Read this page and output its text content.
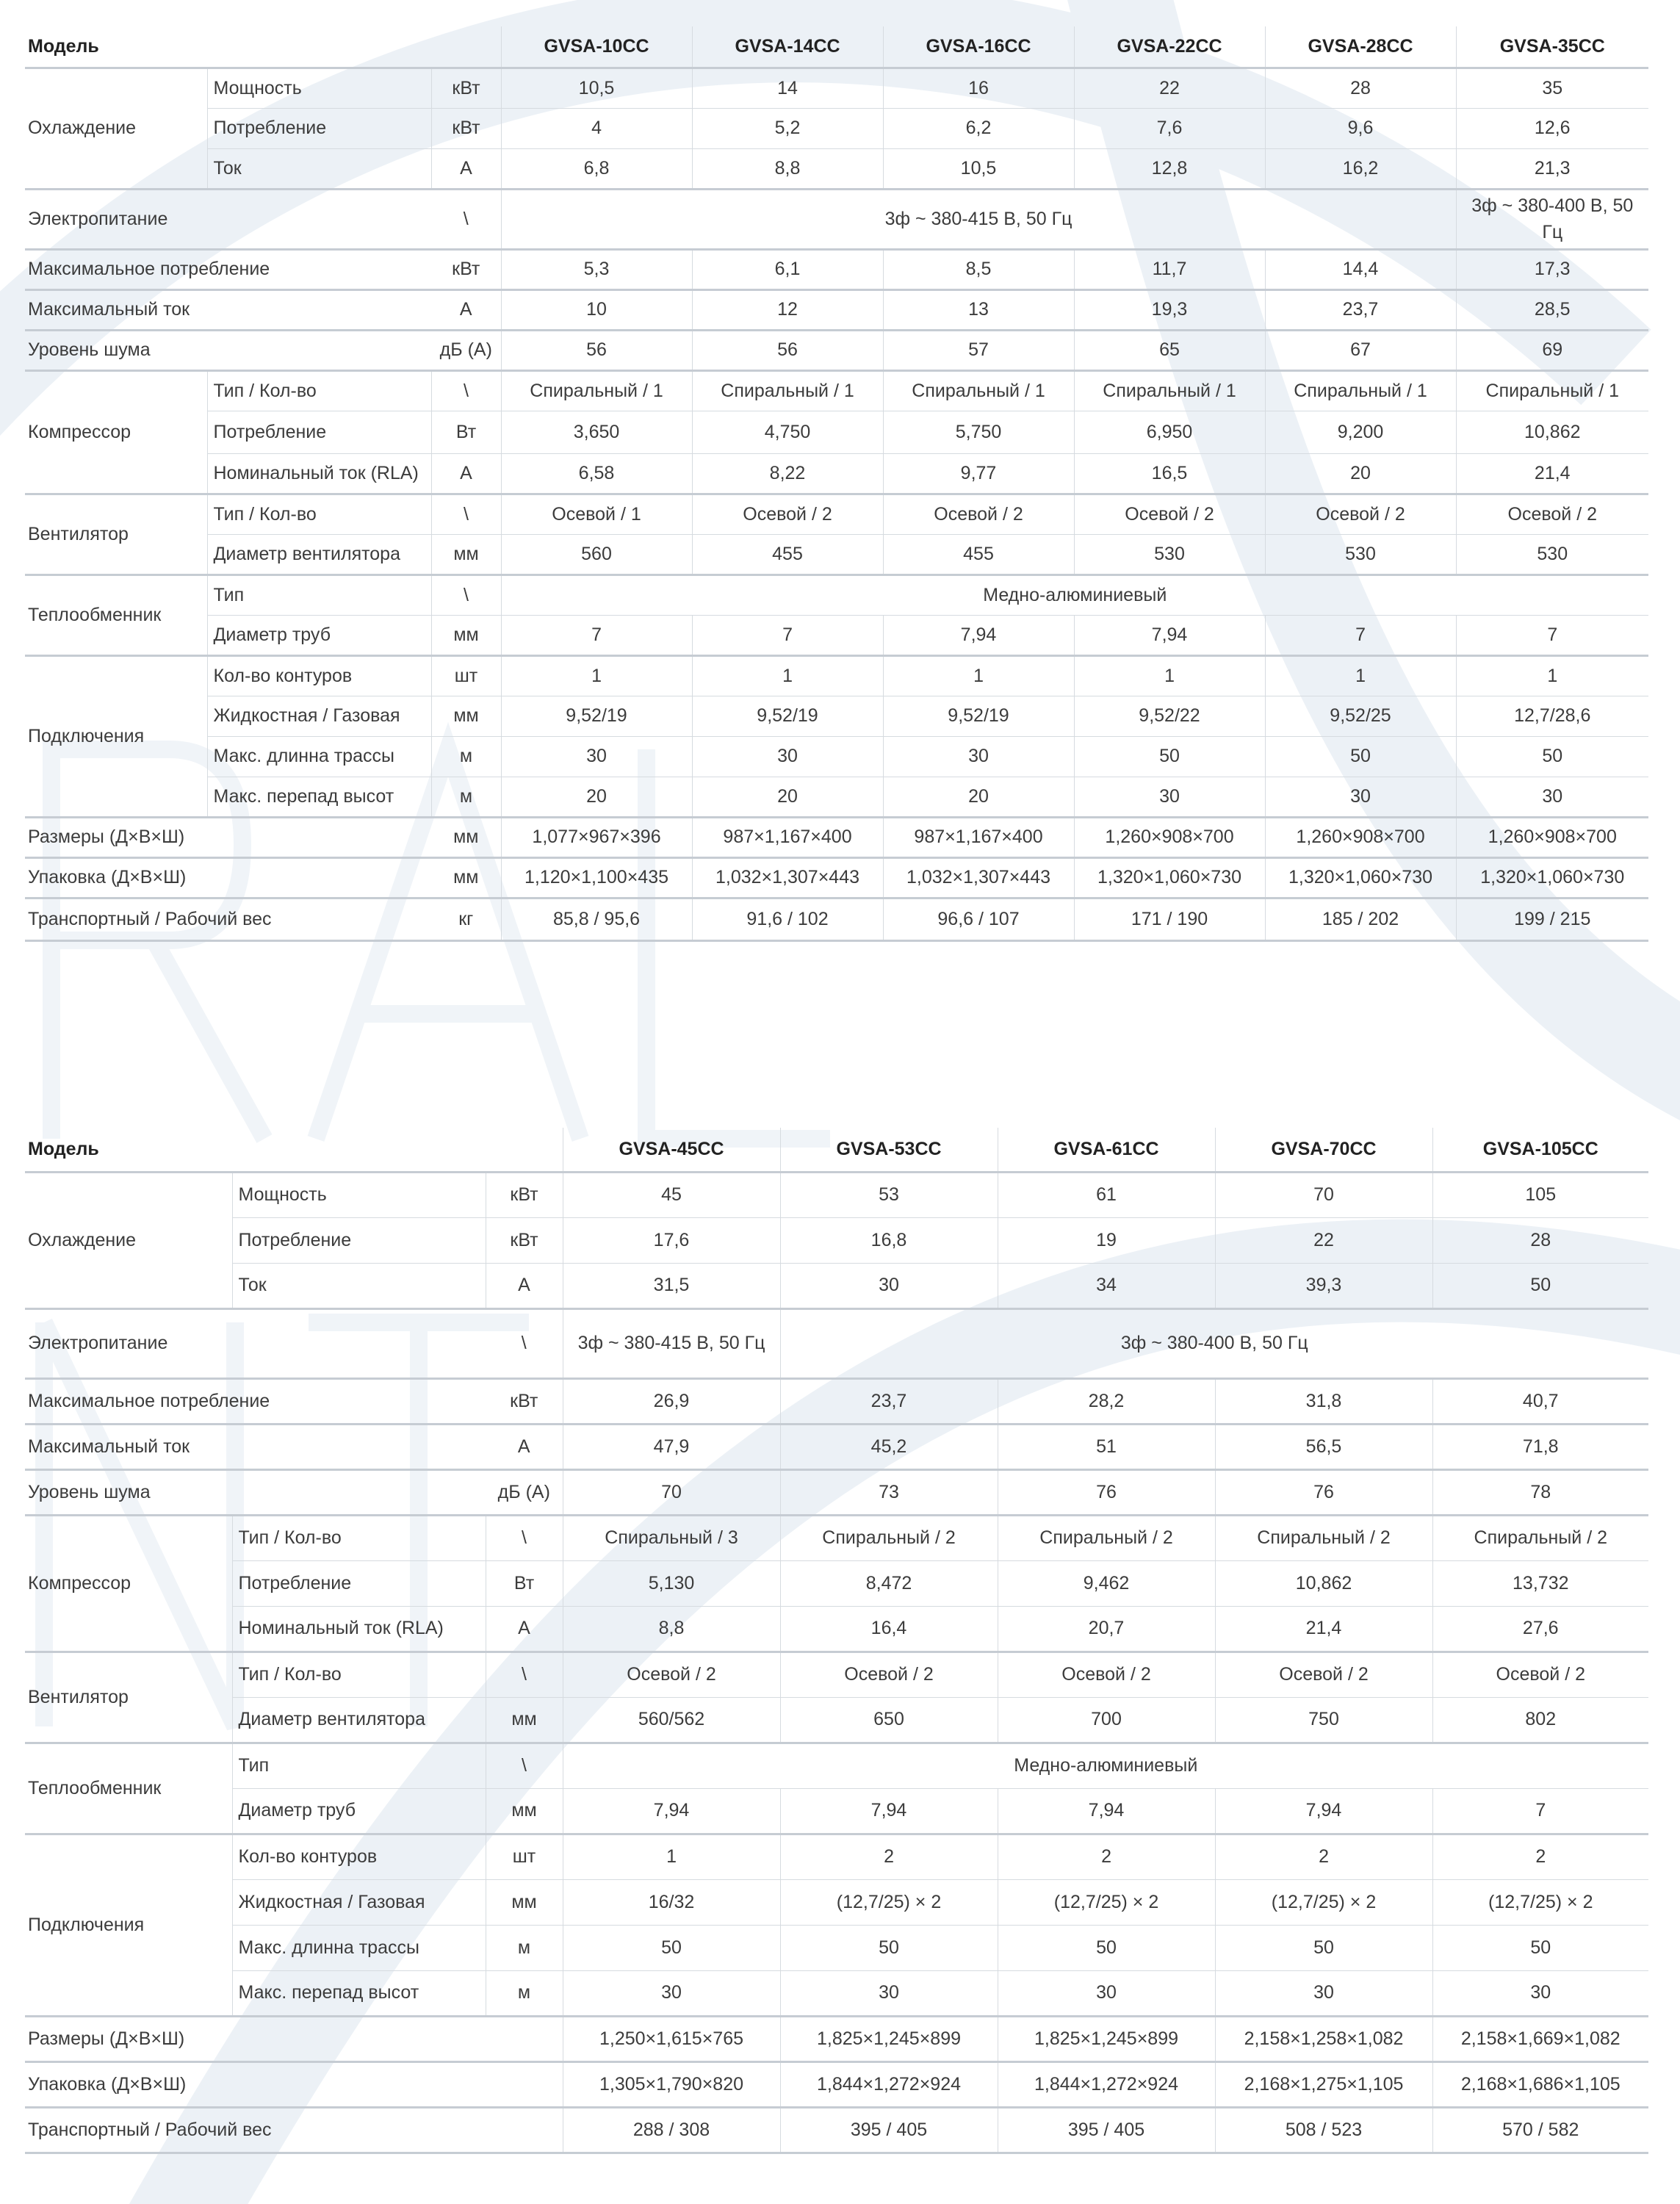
Модель			GVSA-10CC	GVSA-14CC	GVSA-16CC	GVSA-22CC	GVSA-28CC	GVSA-35CC
Охлаждение	Мощность	кВт	10,5	14	16	22	28	35
	Потребление	кВт	4	5,2	6,2	7,6	9,6	12,6
	Ток	А	6,8	8,8	10,5	12,8	16,2	21,3
Электропитание		\	3ф ~ 380-415 В, 50 Гц					3ф ~ 380-400 В, 50 Гц
Максимальное потребление		кВт	5,3	6,1	8,5	11,7	14,4	17,3
Максимальный ток		А	10	12	13	19,3	23,7	28,5
Уровень шума		дБ (А)	56	56	57	65	67	69
Компрессор	Тип / Кол-во	\	Спиральный / 1	Спиральный / 1	Спиральный / 1	Спиральный / 1	Спиральный / 1	Спиральный / 1
	Потребление	Вт	3,650	4,750	5,750	6,950	9,200	10,862
	Номинальный ток (RLA)	А	6,58	8,22	9,77	16,5	20	21,4
Вентилятор	Тип / Кол-во	\	Осевой / 1	Осевой / 2	Осевой / 2	Осевой / 2	Осевой / 2	Осевой / 2
	Диаметр вентилятора	мм	560	455	455	530	530	530
Теплообменник	Тип	\	Медно-алюминиевый					
	Диаметр труб	мм	7	7	7,94	7,94	7	7
Подключения	Кол-во контуров	шт	1	1	1	1	1	1
	Жидкостная / Газовая	мм	9,52/19	9,52/19	9,52/19	9,52/22	9,52/25	12,7/28,6
	Макс. длинна трассы	м	30	30	30	50	50	50
	Макс. перепад высот	м	20	20	20	30	30	30
Размеры (Д×В×Ш)		мм	1,077×967×396	987×1,167×400	987×1,167×400	1,260×908×700	1,260×908×700	1,260×908×700
Упаковка (Д×В×Ш)		мм	1,120×1,100×435	1,032×1,307×443	1,032×1,307×443	1,320×1,060×730	1,320×1,060×730	1,320×1,060×730
Транспортный / Рабочий вес		кг	85,8 / 95,6	91,6 / 102	96,6 / 107	171 / 190	185 / 202	199 / 215
Модель			GVSA-45CC	GVSA-53CC	GVSA-61CC	GVSA-70CC	GVSA-105CC
Охлаждение	Мощность	кВт	45	53	61	70	105
	Потребление	кВт	17,6	16,8	19	22	28
	Ток	А	31,5	30	34	39,3	50
Электропитание		\	3ф ~ 380-415 В, 50 Гц	3ф ~ 380-400 В, 50 Гц			
Максимальное потребление		кВт	26,9	23,7	28,2	31,8	40,7
Максимальный ток		А	47,9	45,2	51	56,5	71,8
Уровень шума		дБ (А)	70	73	76	76	78
Компрессор	Тип / Кол-во	\	Спиральный / 3	Спиральный / 2	Спиральный / 2	Спиральный / 2	Спиральный / 2
	Потребление	Вт	5,130	8,472	9,462	10,862	13,732
	Номинальный ток (RLA)	А	8,8	16,4	20,7	21,4	27,6
Вентилятор	Тип / Кол-во	\	Осевой / 2	Осевой / 2	Осевой / 2	Осевой / 2	Осевой / 2
	Диаметр вентилятора	мм	560/562	650	700	750	802
Теплообменник	Тип	\	Медно-алюминиевый				
	Диаметр труб	мм	7,94	7,94	7,94	7,94	7
Подключения	Кол-во контуров	шт	1	2	2	2	2
	Жидкостная / Газовая	мм	16/32	(12,7/25) × 2	(12,7/25) × 2	(12,7/25) × 2	(12,7/25) × 2
	Макс. длинна трассы	м	50	50	50	50	50
	Макс. перепад высот	м	30	30	30	30	30
Размеры (Д×В×Ш)			1,250×1,615×765	1,825×1,245×899	1,825×1,245×899	2,158×1,258×1,082	2,158×1,669×1,082
Упаковка (Д×В×Ш)			1,305×1,790×820	1,844×1,272×924	1,844×1,272×924	2,168×1,275×1,105	2,168×1,686×1,105
Транспортный / Рабочий вес			288 / 308	395 / 405	395 / 405	508 / 523	570 / 582
